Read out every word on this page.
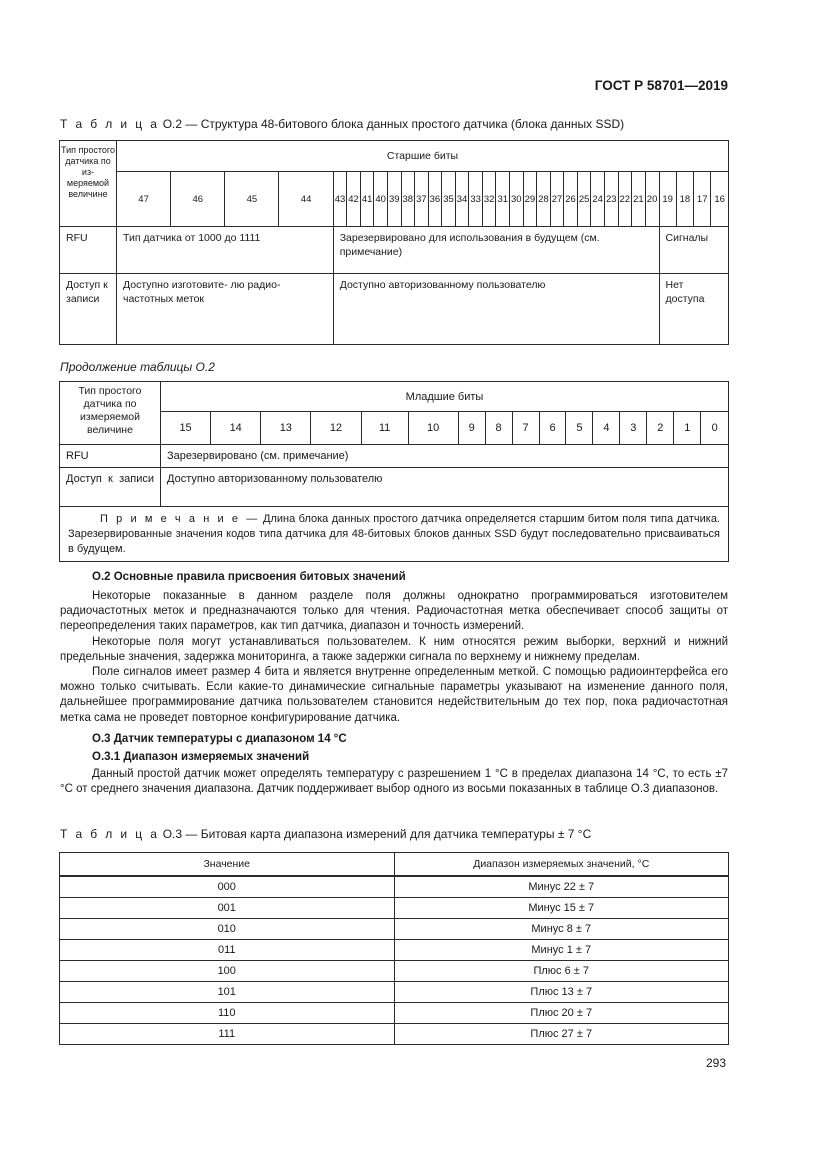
ГОСТ Р 58701—2019
Т а б л и ц а О.2 — Структура 48-битового блока данных простого датчика (блока данных SSD)
Тип простого датчика по из- меряемой величине	Старшие биты																															
	47	46	45	44	43	42	41	40	39	38	37	36	35	34	33	32	31	30	29	28	27	26	25	24	23	22	21	20	19	18	17	16
RFU	Тип датчика от 1000 до 1111				Зарезервировано для использования в будущем (см. примечание)																								Сигналы			
Доступ к записи	Доступно изготовите- лю радио- частотных меток				Доступно авторизованному пользователю																								Нет доступа			
Продолжение таблицы О.2
Тип простого датчика по измеряемой величине	Младшие биты															
	15	14	13	12	11	10	9	8	7	6	5	4	3	2	1	0
RFU	Зарезервировано (см. примечание)															
Доступ к записи	Доступно авторизованному пользователю															
П р и м е ч а н и е — Длина блока данных простого датчика определяется старшим битом поля типа датчика. Зарезервированные значения кодов типа датчика для 48-битовых блоков данных SSD будут последовательно присваиваться в будущем.																
О.2 Основные правила присвоения битовых значений
Некоторые показанные в данном разделе поля должны однократно программироваться изготовителем радиочастотных меток и предназначаются только для чтения. Радиочастотная метка обеспечивает способ защиты от переопределения таких параметров, как тип датчика, диапазон и точность измерений.
Некоторые поля могут устанавливаться пользователем. К ним относятся режим выборки, верхний и нижний предельные значения, задержка мониторинга, а также задержки сигнала по верхнему и нижнему пределам.
Поле сигналов имеет размер 4 бита и является внутренне определенным меткой. С помощью радиоинтерфейса его можно только считывать. Если какие-то динамические сигнальные параметры указывают на изменение данного поля, дальнейшее программирование датчика пользователем становится недействительным до тех пор, пока радиочастотная метка сама не проведет повторное конфигурирование датчика.
О.3 Датчик температуры с диапазоном 14 °C
О.3.1 Диапазон измеряемых значений
Данный простой датчик может определять температуру с разрешением 1 °C в пределах диапазона 14 °C, то есть ±7 °C от среднего значения диапазона. Датчик поддерживает выбор одного из восьми показанных в таблице О.3 диапазонов.
Т а б л и ц а О.3 — Битовая карта диапазона измерений для датчика температуры ± 7 °C
Значение	Диапазон измеряемых значений, °C
000	Минус 22 ± 7
001	Минус 15 ± 7
010	Минус 8 ± 7
011	Минус 1 ± 7
100	Плюс 6 ± 7
101	Плюс 13 ± 7
110	Плюс 20 ± 7
111	Плюс 27 ± 7
293
